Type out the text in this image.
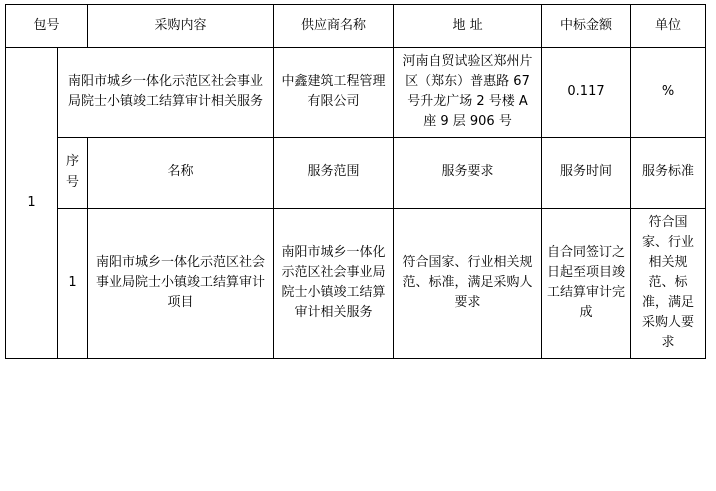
包号		采购内容	供应商名称	地 址	中标金额	单位
1	南阳市城乡一体化示范区社会事业局院士小镇竣工结算审计相关服务		中鑫建筑工程管理有限公司	河南自贸试验区郑州片区（郑东）普惠路 67 号升龙广场 2 号楼 A 座 9 层 906 号	0.117	%
	序号	名称	服务范围	服务要求	服务时间	服务标准
	1	南阳市城乡一体化示范区社会事业局院士小镇竣工结算审计项目	南阳市城乡一体化示范区社会事业局院士小镇竣工结算审计相关服务	符合国家、行业相关规范、标准，满足采购人要求	自合同签订之日起至项目竣工结算审计完成	符合国家、行业相关规范、标准，满足采购人要求
